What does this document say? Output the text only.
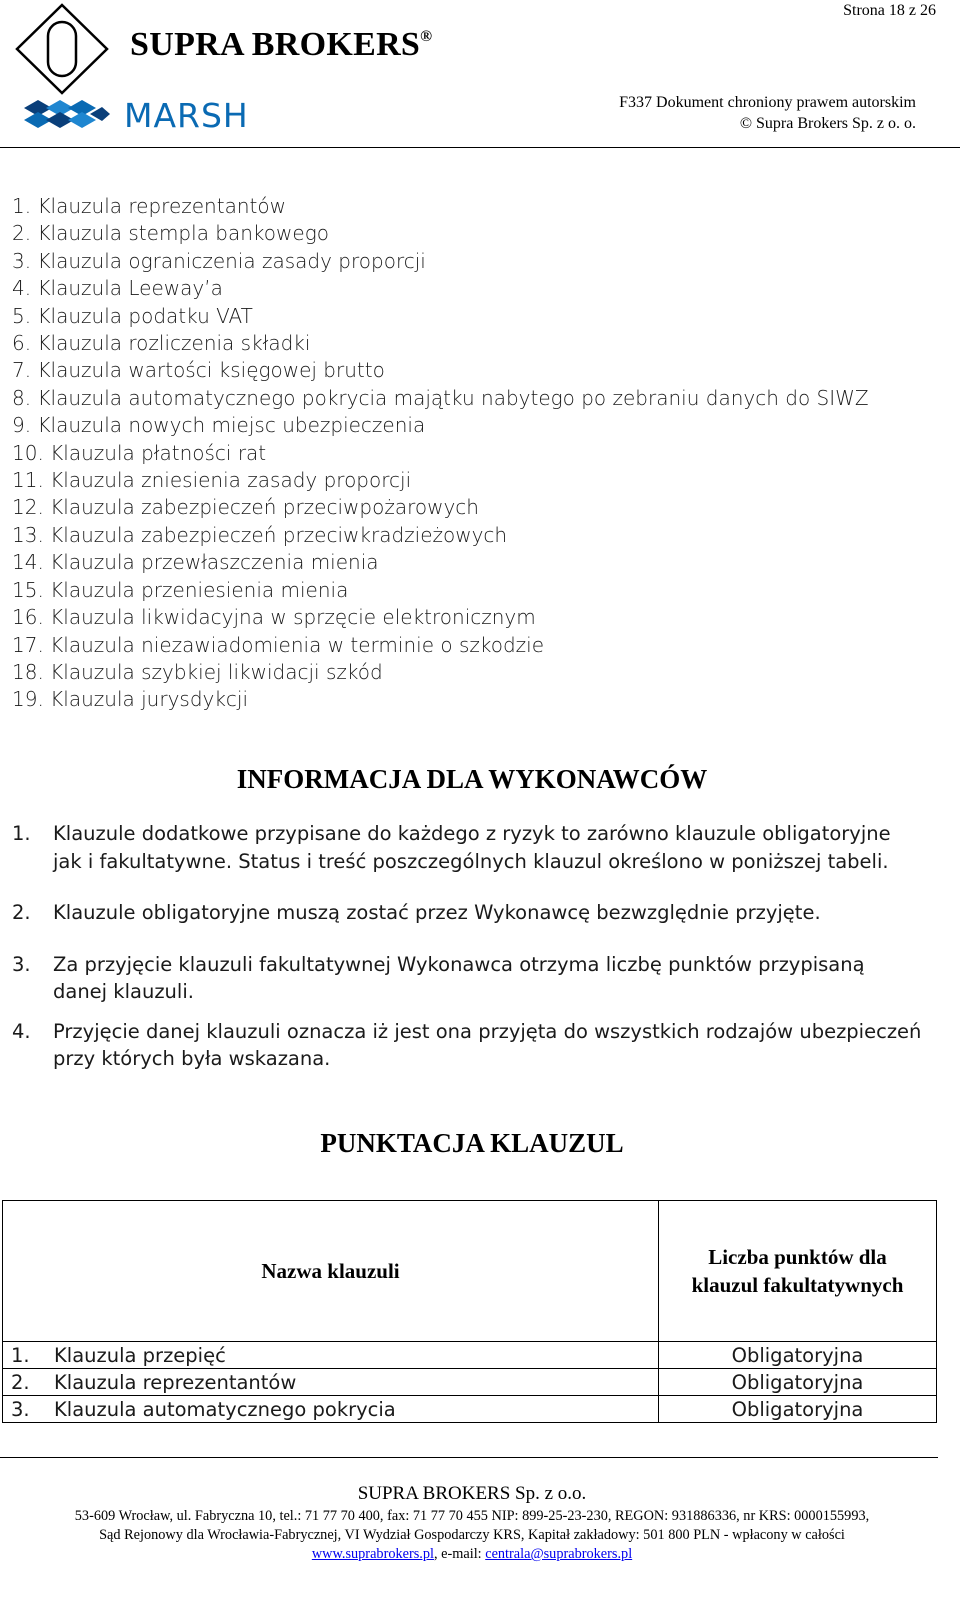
Strona 18 z 26
SUPRA BROKERS®
MARSH	F337 Dokument chroniony prawem autorskim
© Supra Brokers Sp. z o. o.
1. Klauzula reprezentantów
2. Klauzula stempla bankowego
3. Klauzula ograniczenia zasady proporcji
4. Klauzula Leeway’a
5. Klauzula podatku VAT
6. Klauzula rozliczenia składki
7. Klauzula wartości księgowej brutto
8. Klauzula automatycznego pokrycia majątku nabytego po zebraniu danych do SIWZ
9. Klauzula nowych miejsc ubezpieczenia
10. Klauzula płatności rat
11. Klauzula zniesienia zasady proporcji
12. Klauzula zabezpieczeń przeciwpożarowych
13. Klauzula zabezpieczeń przeciwkradzieżowych
14. Klauzula przewłaszczenia mienia
15. Klauzula przeniesienia mienia
16. Klauzula likwidacyjna w sprzęcie elektronicznym
17. Klauzula niezawiadomienia w terminie o szkodzie
18. Klauzula szybkiej likwidacji szkód
19. Klauzula jurysdykcji
INFORMACJA DLA WYKONAWCÓW
1.	Klauzule dodatkowe przypisane do każdego z ryzyk to zarówno klauzule obligatoryjne jak i fakultatywne. Status i treść poszczególnych klauzul określono w poniższej tabeli.
2.	Klauzule obligatoryjne muszą zostać przez Wykonawcę bezwzględnie przyjęte.
3.	Za przyjęcie klauzuli fakultatywnej Wykonawca otrzyma liczbę punktów przypisaną danej klauzuli.
4.	Przyjęcie danej klauzuli oznacza iż jest ona przyjęta do wszystkich rodzajów ubezpieczeń przy których była wskazana.
PUNKTACJA KLAUZUL
Nazwa klauzuli	Liczba punktów dla
klauzul fakultatywnych

1. Klauzula przepięć	Obligatoryjna
2. Klauzula reprezentantów	Obligatoryjna
3. Klauzula automatycznego pokrycia	Obligatoryjna
SUPRA BROKERS Sp. z o.o.
53-609 Wrocław, ul. Fabryczna 10, tel.: 71 77 70 400, fax: 71 77 70 455 NIP: 899-25-23-230, REGON: 931886336, nr KRS: 0000155993,
Sąd Rejonowy dla Wrocławia-Fabrycznej, VI Wydział Gospodarczy KRS, Kapitał zakładowy: 501 800 PLN - wpłacony w całości
www.suprabrokers.pl, e-mail: centrala@suprabrokers.pl
